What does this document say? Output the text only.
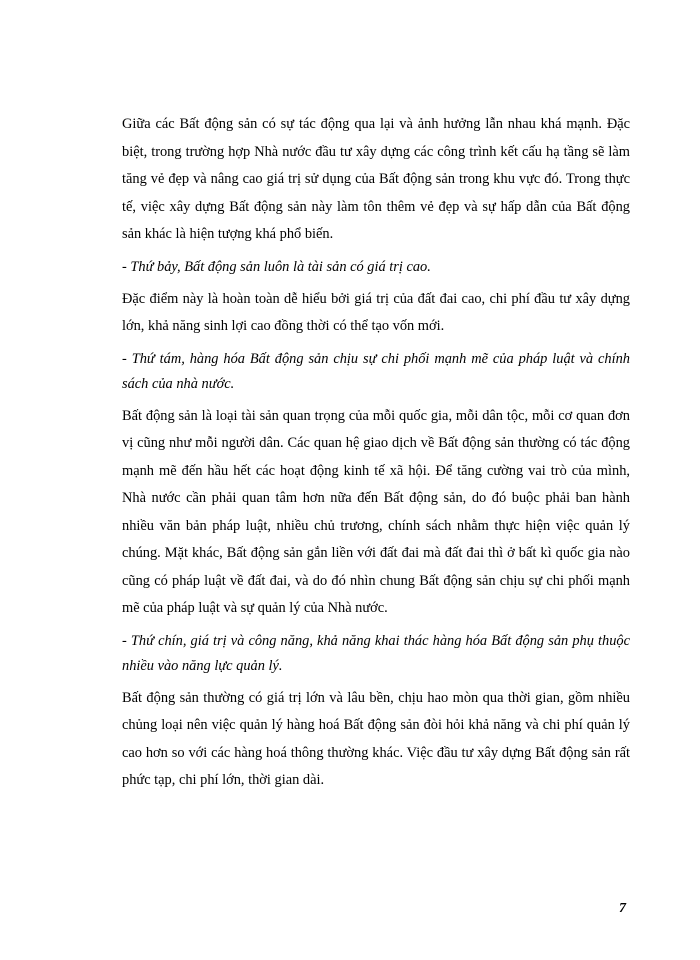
Giữa các Bất động sản có sự tác động qua lại và ảnh hưởng lẫn nhau khá mạnh. Đặc biệt, trong trường hợp Nhà nước đầu tư xây dựng các công trình kết cấu hạ tầng sẽ làm tăng vẻ đẹp và nâng cao giá trị sử dụng của Bất động sản trong khu vực đó. Trong thực tế, việc xây dựng Bất động sản này làm tôn thêm vẻ đẹp và sự hấp dẫn của Bất động sản khác là hiện tượng khá phổ biến.

- Thứ bảy, Bất động sản luôn là tài sản có giá trị cao.

Đặc điểm này là hoàn toàn dễ hiểu bởi giá trị của đất đai cao, chi phí đầu tư xây dựng lớn, khả năng sinh lợi cao đồng thời có thể tạo vốn mới.

- Thứ tám, hàng hóa Bất động sản chịu sự chi phối mạnh mẽ của pháp luật và chính sách của nhà nước.

Bất động sản là loại tài sản quan trọng của mỗi quốc gia, mỗi dân tộc, mỗi cơ quan đơn vị cũng như mỗi người dân. Các quan hệ giao dịch về Bất động sản thường có tác động mạnh mẽ đến hầu hết các hoạt động kinh tế xã hội. Để tăng cường vai trò của mình, Nhà nước cần phải quan tâm hơn nữa đến Bất động sản, do đó buộc phải ban hành nhiều văn bản pháp luật, nhiều chủ trương, chính sách nhằm thực hiện việc quản lý chúng. Mặt khác, Bất động sản gắn liền với đất đai mà đất đai thì ở bất kì quốc gia nào cũng có pháp luật về đất đai, và do đó nhìn chung Bất động sản chịu sự chi phối mạnh mẽ của pháp luật và sự quản lý của Nhà nước.

- Thứ chín, giá trị và công năng, khả năng khai thác hàng hóa Bất động sản phụ thuộc nhiều vào năng lực quản lý.

Bất động sản thường có giá trị lớn và lâu bền, chịu hao mòn qua thời gian, gồm nhiều chủng loại nên việc quản lý hàng hoá Bất động sản đòi hỏi khả năng và chi phí quản lý cao hơn so với các hàng hoá thông thường khác. Việc đầu tư xây dựng Bất động sản rất phức tạp, chi phí lớn, thời gian dài.

7
